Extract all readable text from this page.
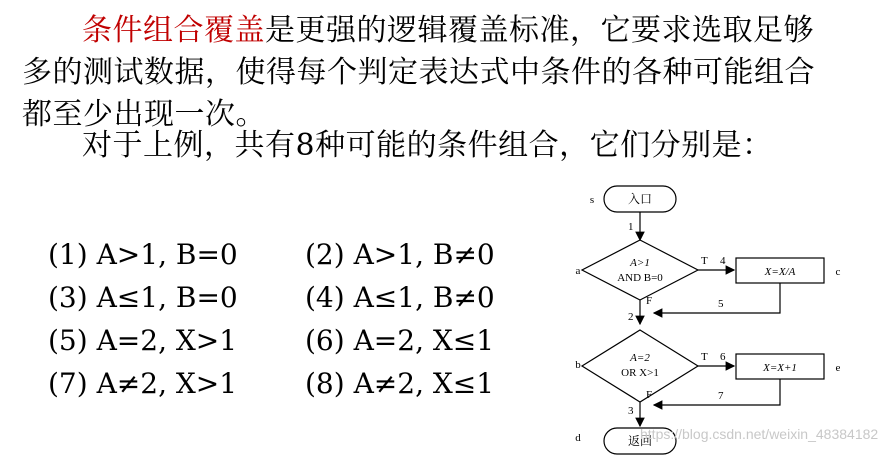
条件组合覆盖是更强的逻辑覆盖标准，它要求选取足够
多的测试数据，使得每个判定表达式中条件的各种可能组合
都至少出现一次。
对于上例，共有8种可能的条件组合，它们分别是：
(1) A>1, B=0 (2) A>1, B≠0
(3) A≤1, B=0 (4) A≤1, B≠0
(5) A=2, X>1 (6) A=2, X≤1
(7) A≠2, X>1 (8) A≠2, X≤1
入口
s
1
A>1
AND B=0
a
T 4
X=X/A	c
5
F
2
A=2
OR X>1
b
T 6
X=X+1	e
7
F
3
返回
d	https://blog.csdn.net/weixin_48384182
